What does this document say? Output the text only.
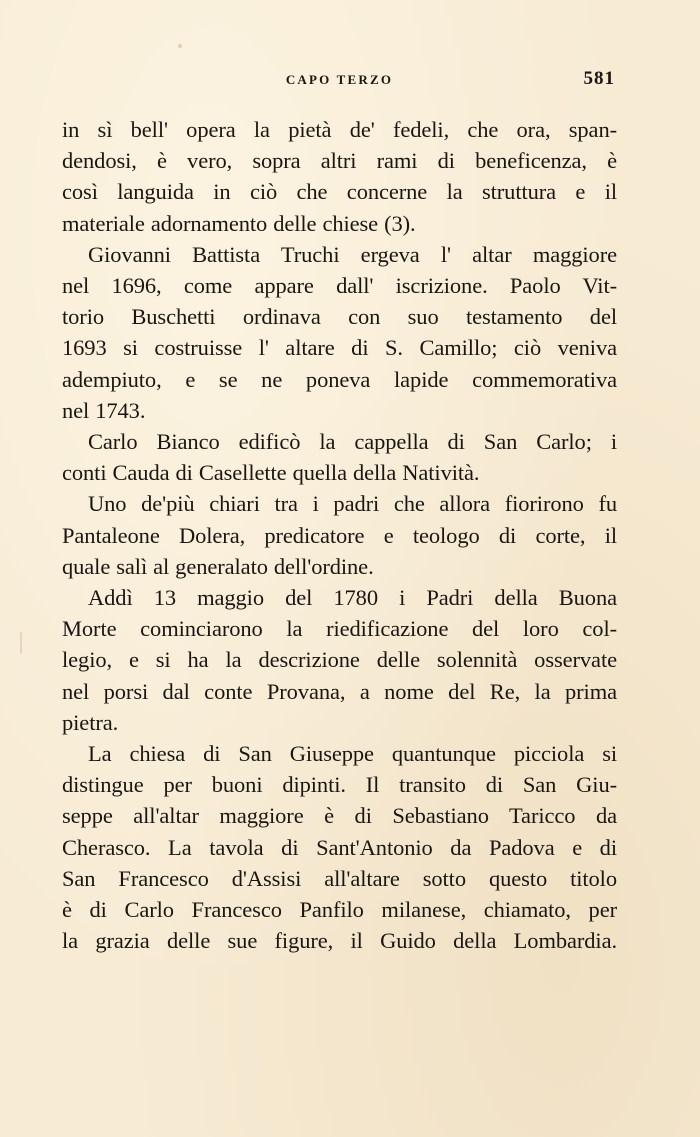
CAPO TERZO	581

in sì bell' opera la pietà de' fedeli, che ora, span-
dendosi, è vero, sopra altri rami di beneficenza, è
così languida in ciò che concerne la struttura e il
materiale adornamento delle chiese (3).

Giovanni Battista Truchi ergeva l' altar maggiore
nel 1696, come appare dall' iscrizione. Paolo Vit-
torio Buschetti ordinava con suo testamento del
1693 si costruisse l' altare di S. Camillo; ciò veniva
adempiuto, e se ne poneva lapide commemorativa
nel 1743.

Carlo Bianco edificò la cappella di San Carlo; i
conti Cauda di Casellette quella della Natività.

Uno de'più chiari tra i padri che allora fiorirono fu
Pantaleone Dolera, predicatore e teologo di corte, il
quale salì al generalato dell'ordine.

Addì 13 maggio del 1780 i Padri della Buona
Morte cominciarono la riedificazione del loro col-
legio, e si ha la descrizione delle solennità osservate
nel porsi dal conte Provana, a nome del Re, la prima
pietra.

La chiesa di San Giuseppe quantunque picciola si
distingue per buoni dipinti. Il transito di San Giu-
seppe all'altar maggiore è di Sebastiano Taricco da
Cherasco. La tavola di Sant'Antonio da Padova e di
San Francesco d'Assisi all'altare sotto questo titolo
è di Carlo Francesco Panfilo milanese, chiamato, per
la grazia delle sue figure, il Guido della Lombardia.
